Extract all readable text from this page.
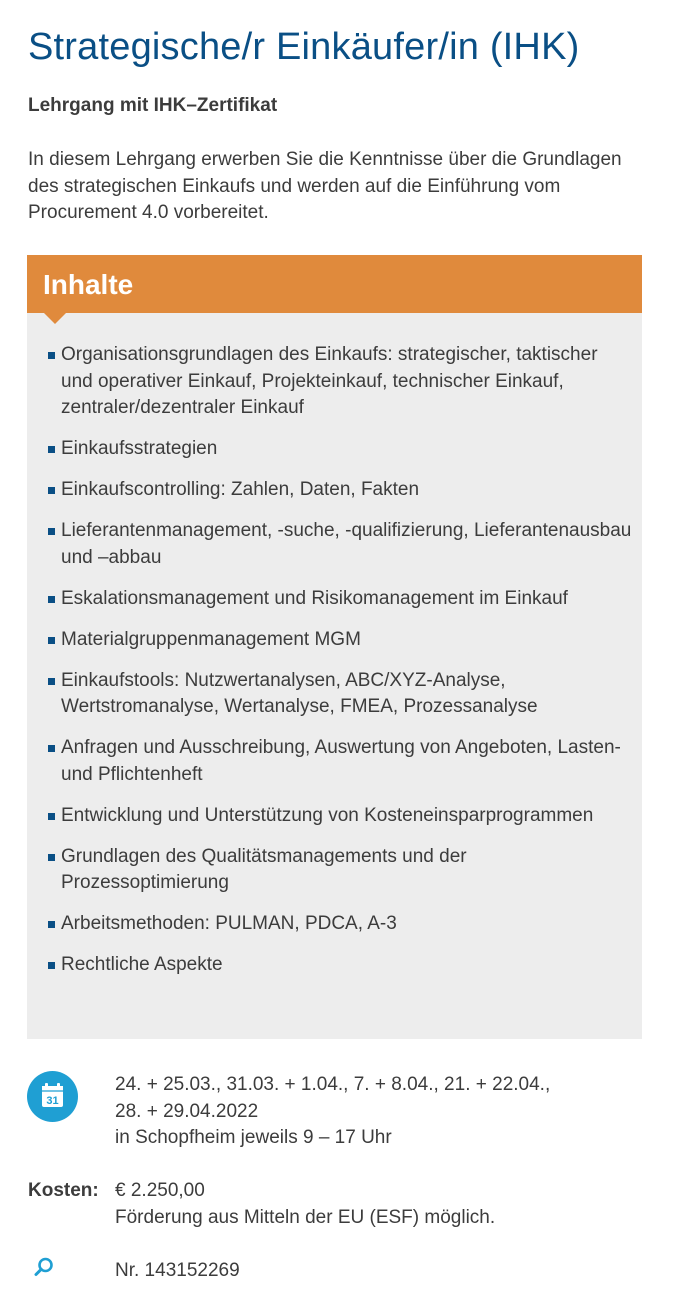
Strategische/r Einkäufer/in (IHK)

Lehrgang mit IHK–Zertifikat

In diesem Lehrgang erwerben Sie die Kenntnisse über die Grundlagen des strategischen Einkaufs und werden auf die Einführung vom Procurement 4.0 vorbereitet.

Inhalte
Organisationsgrundlagen des Einkaufs: strategischer, taktischer und operativer Einkauf, Projekteinkauf, technischer Einkauf, zentraler/dezentraler Einkauf
Einkaufsstrategien
Einkaufscontrolling: Zahlen, Daten, Fakten
Lieferantenmanagement, -suche, -qualifizierung, Lieferantenausbau und –abbau
Eskalationsmanagement und Risikomanagement im Einkauf
Materialgruppenmanagement MGM
Einkaufstools: Nutzwertanalysen, ABC/XYZ-Analyse, Wertstromanalyse, Wertanalyse, FMEA, Prozessanalyse
Anfragen und Ausschreibung, Auswertung von Angeboten, Lasten- und Pflichtenheft
Entwicklung und Unterstützung von Kosteneinsparprogrammen
Grundlagen des Qualitätsmanagements und der Prozessoptimierung
Arbeitsmethoden: PULMAN, PDCA, A-3
Rechtliche Aspekte
31
24. + 25.03., 31.03. + 1.04., 7. + 8.04., 21. + 22.04.,
28. + 29.04.2022
in Schopfheim jeweils 9 – 17 Uhr
Kosten: € 2.250,00
Förderung aus Mitteln der EU (ESF) möglich.
Nr. 143152269
